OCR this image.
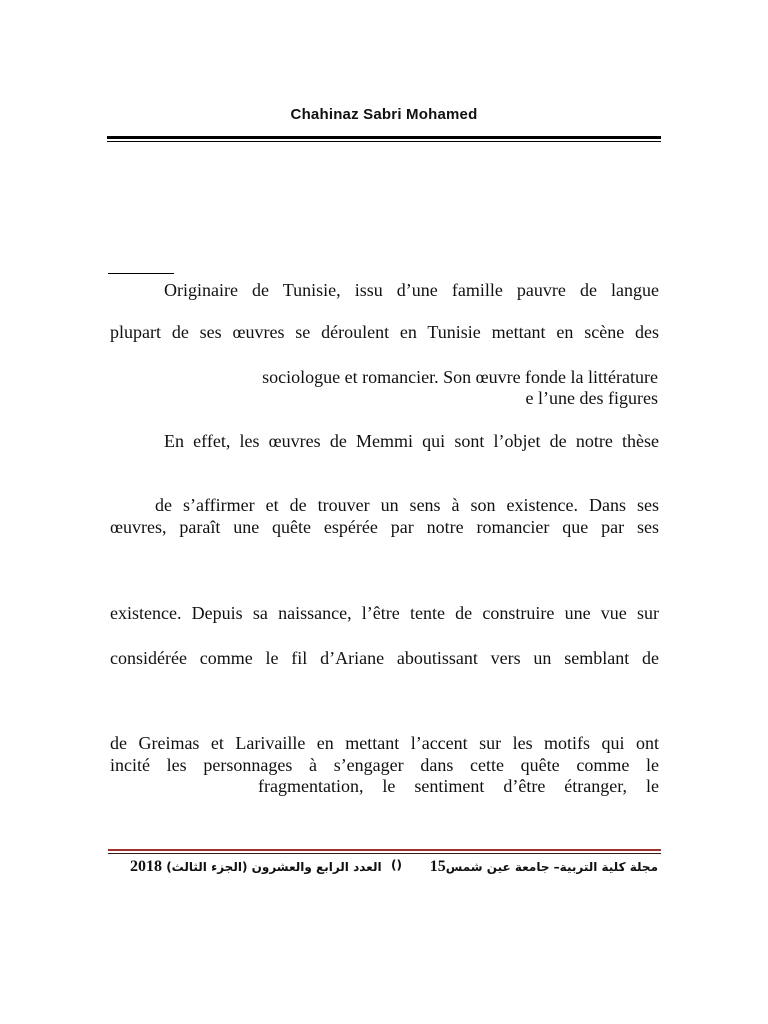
Chahinaz Sabri Mohamed
Originaire de Tunisie, issu d’une famille pauvre de langue
plupart de ses œuvres se déroulent en Tunisie mettant en scène des
sociologue et romancier. Son œuvre fonde la littérature
e l’une des figures
En effet, les œuvres de Memmi qui sont l’objet de notre thèse
de s’affirmer et de trouver un sens à son existence. Dans ses
œuvres, paraît une quête espérée par notre romancier que par ses
existence. Depuis sa naissance, l’être tente de construire une vue sur
considérée comme le fil d’Ariane aboutissant vers un semblant de
de Greimas et Larivaille en mettant l’accent sur les motifs qui ont
incité les personnages à s’engager dans cette quête comme le
fragmentation, le sentiment d’être étranger, le
مجلة كلية التربية– جامعة عين شمس15
()
العدد الرابع والعشرون (الجزء الثالث) 2018
